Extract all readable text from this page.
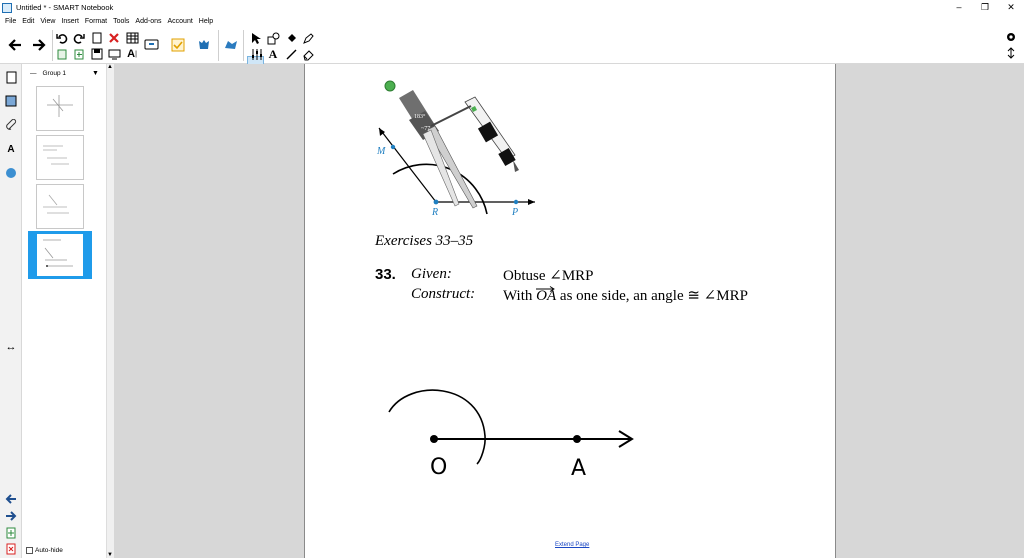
Untitled * - SMART Notebook	–	❐	✕
File Edit View Insert Format Tools Add-ons Account Help
A |	A
A
↔
— Group 1	▼
▼
Auto-hide
▲
▼
183°
~77
M
R	P
Exercises 33–35
33. Given:	Obtuse ∠MRP
Construct: With OA as one side, an angle ≅ ∠MRP
O	A
Extend Page
